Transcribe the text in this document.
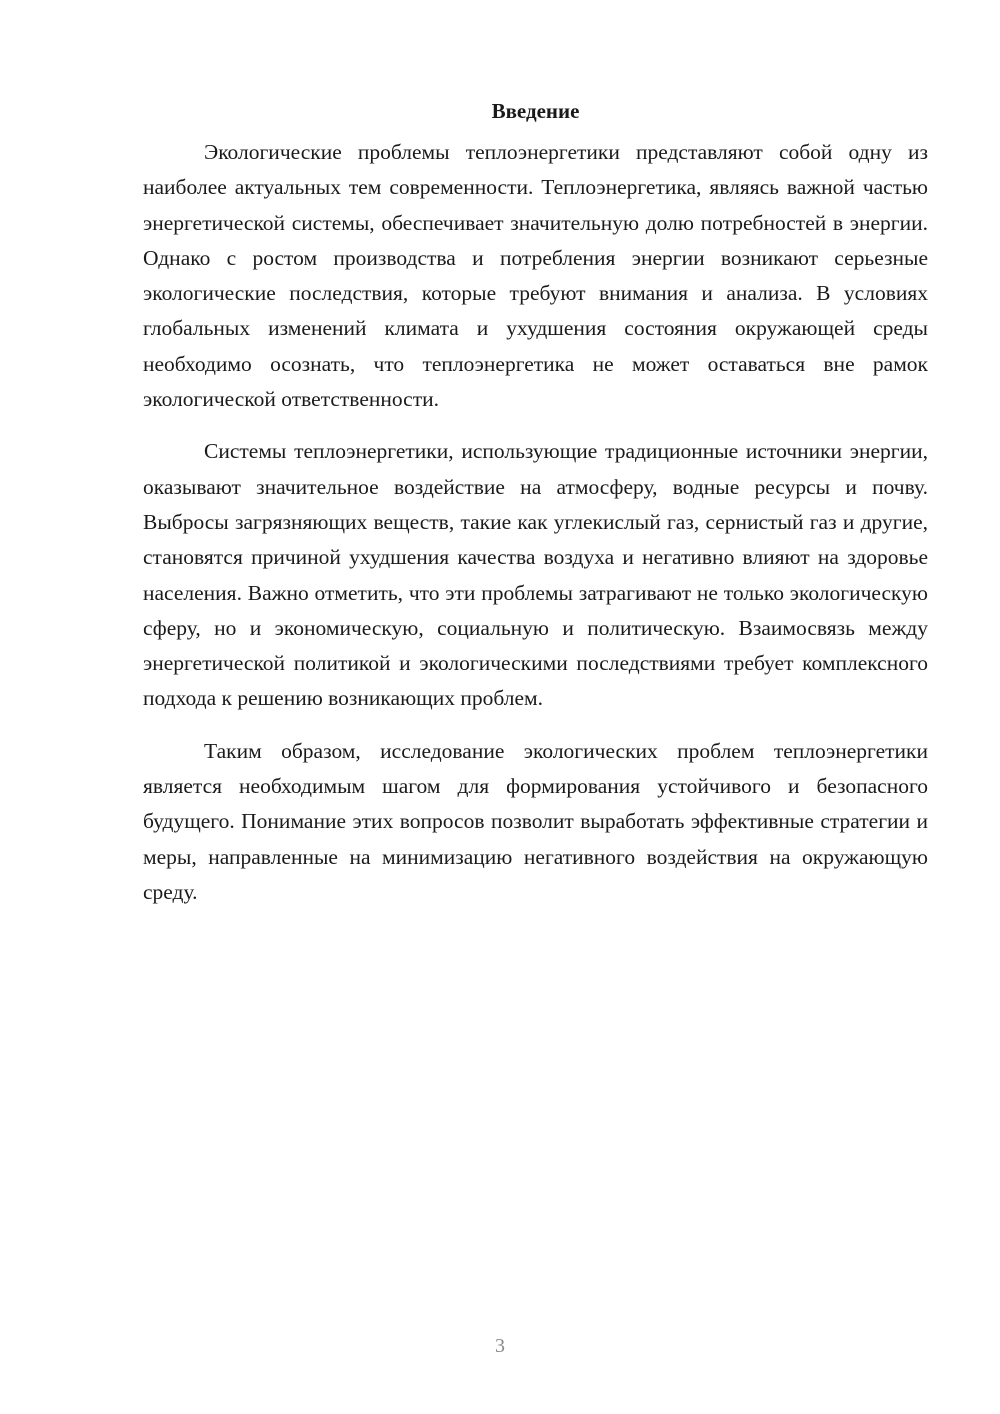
Введение

Экологические проблемы теплоэнергетики представляют собой одну из наиболее актуальных тем современности. Теплоэнергетика, являясь важной частью энергетической системы, обеспечивает значительную долю потребностей в энергии. Однако с ростом производства и потребления энергии возникают серьезные экологические последствия, которые требуют внимания и анализа. В условиях глобальных изменений климата и ухудшения состояния окружающей среды необходимо осознать, что теплоэнергетика не может оставаться вне рамок экологической ответственности.

Системы теплоэнергетики, использующие традиционные источники энергии, оказывают значительное воздействие на атмосферу, водные ресурсы и почву. Выбросы загрязняющих веществ, такие как углекислый газ, сернистый газ и другие, становятся причиной ухудшения качества воздуха и негативно влияют на здоровье населения. Важно отметить, что эти проблемы затрагивают не только экологическую сферу, но и экономическую, социальную и политическую. Взаимосвязь между энергетической политикой и экологическими последствиями требует комплексного подхода к решению возникающих проблем.

Таким образом, исследование экологических проблем теплоэнергетики является необходимым шагом для формирования устойчивого и безопасного будущего. Понимание этих вопросов позволит выработать эффективные стратегии и меры, направленные на минимизацию негативного воздействия на окружающую среду.

3
